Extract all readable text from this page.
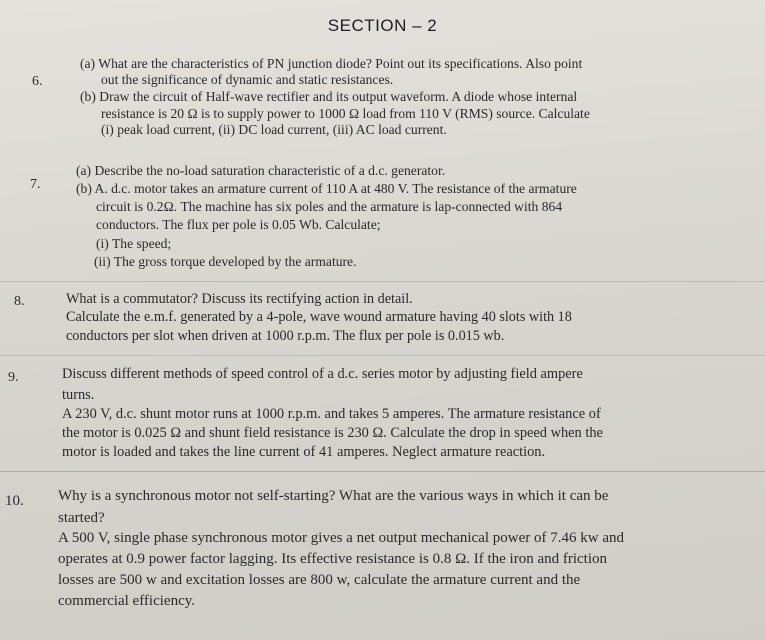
SECTION – 2
6.
(a) What are the characteristics of PN junction diode? Point out its specifications. Also point
out the significance of dynamic and static resistances.
(b) Draw the circuit of Half-wave rectifier and its output waveform. A diode whose internal
resistance is 20 Ω is to supply power to 1000 Ω load from 110 V (RMS) source. Calculate
(i) peak load current, (ii) DC load current, (iii) AC load current.
7.
(a) Describe the no-load saturation characteristic of a d.c. generator.
(b) A. d.c. motor takes an armature current of 110 A at 480 V. The resistance of the armature
circuit is 0.2Ω. The machine has six poles and the armature is lap-connected with 864
conductors. The flux per pole is 0.05 Wb. Calculate;
(i) The speed;
(ii) The gross torque developed by the armature.
8.	What is a commutator? Discuss its rectifying action in detail.
Calculate the e.m.f. generated by a 4-pole, wave wound armature having 40 slots with 18
conductors per slot when driven at 1000 r.p.m. The flux per pole is 0.015 wb.
9.	Discuss different methods of speed control of a d.c. series motor by adjusting field ampere
turns.
A 230 V, d.c. shunt motor runs at 1000 r.p.m. and takes 5 amperes. The armature resistance of
the motor is 0.025 Ω and shunt field resistance is 230 Ω. Calculate the drop in speed when the
motor is loaded and takes the line current of 41 amperes. Neglect armature reaction.
10. Why is a synchronous motor not self-starting? What are the various ways in which it can be
started?
A 500 V, single phase synchronous motor gives a net output mechanical power of 7.46 kw and
operates at 0.9 power factor lagging. Its effective resistance is 0.8 Ω. If the iron and friction
losses are 500 w and excitation losses are 800 w, calculate the armature current and the
commercial efficiency.
